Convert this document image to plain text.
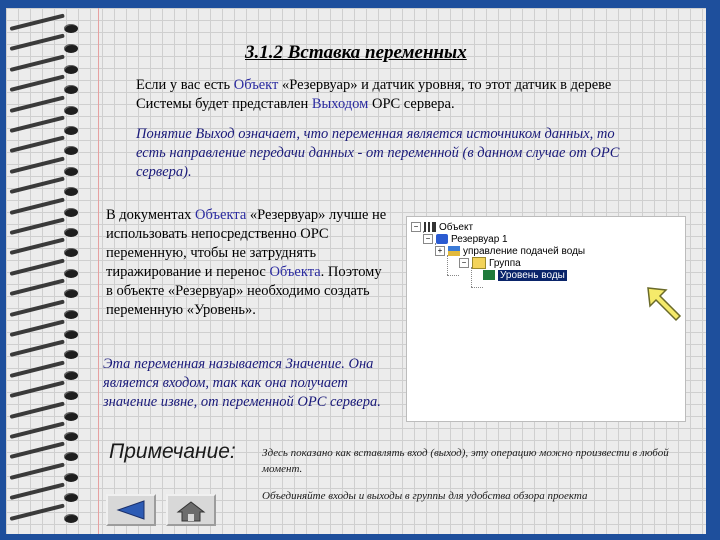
3.1.2 Вставка переменных

Если у вас есть Объект «Резервуар» и датчик уровня, то этот датчик в дереве Системы будет представлен Выходом OPC сервера.

Понятие Выход означает, что переменная является источником данных, то есть направление передачи данных - от переменной (в данном случае от OPC сервера).

В документах Объекта «Резервуар» лучше не использовать непосредственно OPC переменную, чтобы не затруднять тиражирование и перенос Объекта. Поэтому в объекте «Резервуар» необходимо создать переменную «Уровень».

Эта переменная называется Значение. Она является входом, так как она получает значение извне, от переменной OPC сервера.

− Объект
− Резервуар 1
+ управление подачей воды
− Группа
Уровень воды
Примечание: Здесь показано как вставлять вход (выход), эту операцию можно произвести в любой момент.

Объединяйте входы и выходы в группы для удобства обзора проекта
